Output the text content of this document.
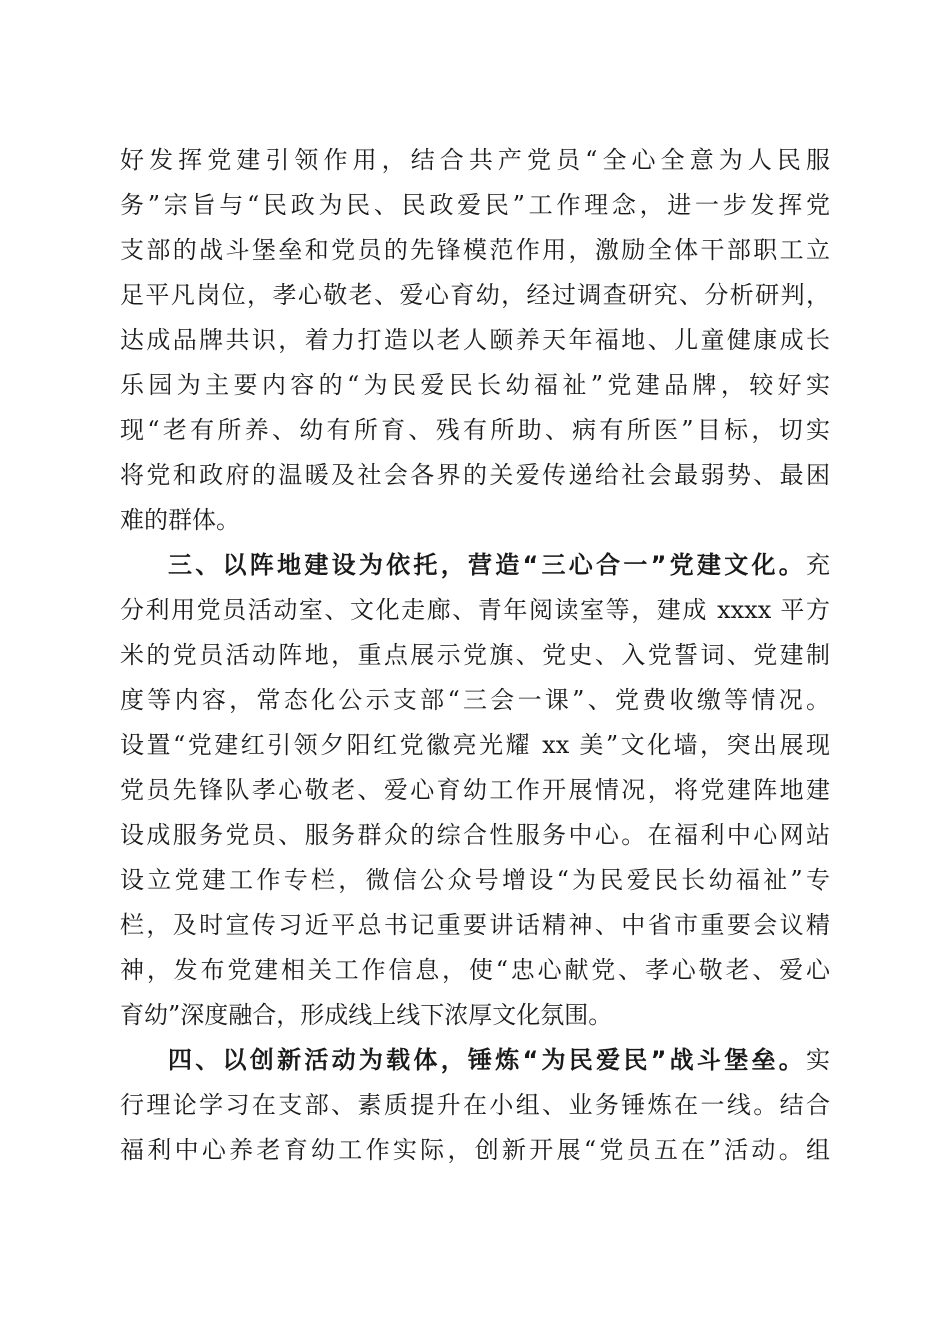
好发挥党建引领作用，结合共产党员“全心全意为人民服
务”宗旨与“民政为民、民政爱民”工作理念，进一步发挥党
支部的战斗堡垒和党员的先锋模范作用，激励全体干部职工立
足平凡岗位，孝心敬老、爱心育幼，经过调查研究、分析研判，
达成品牌共识，着力打造以老人颐养天年福地、儿童健康成长
乐园为主要内容的“为民爱民长幼福祉”党建品牌，较好实
现“老有所养、幼有所育、残有所助、病有所医”目标，切实
将党和政府的温暖及社会各界的关爱传递给社会最弱势、最困
难的群体。
三、以阵地建设为依托，营造“三心合一”党建文化。充
分利用党员活动室、文化走廊、青年阅读室等，建成 xxxx 平方
米的党员活动阵地，重点展示党旗、党史、入党誓词、党建制
度等内容，常态化公示支部“三会一课”、党费收缴等情况。
设置“党建红引领夕阳红党徽亮光耀 xx 美”文化墙，突出展现
党员先锋队孝心敬老、爱心育幼工作开展情况，将党建阵地建
设成服务党员、服务群众的综合性服务中心。在福利中心网站
设立党建工作专栏，微信公众号增设“为民爱民长幼福祉”专
栏，及时宣传习近平总书记重要讲话精神、中省市重要会议精
神，发布党建相关工作信息，使“忠心献党、孝心敬老、爱心
育幼”深度融合，形成线上线下浓厚文化氛围。
四、以创新活动为载体，锤炼“为民爱民”战斗堡垒。实
行理论学习在支部、素质提升在小组、业务锤炼在一线。结合
福利中心养老育幼工作实际，创新开展“党员五在”活动。组
